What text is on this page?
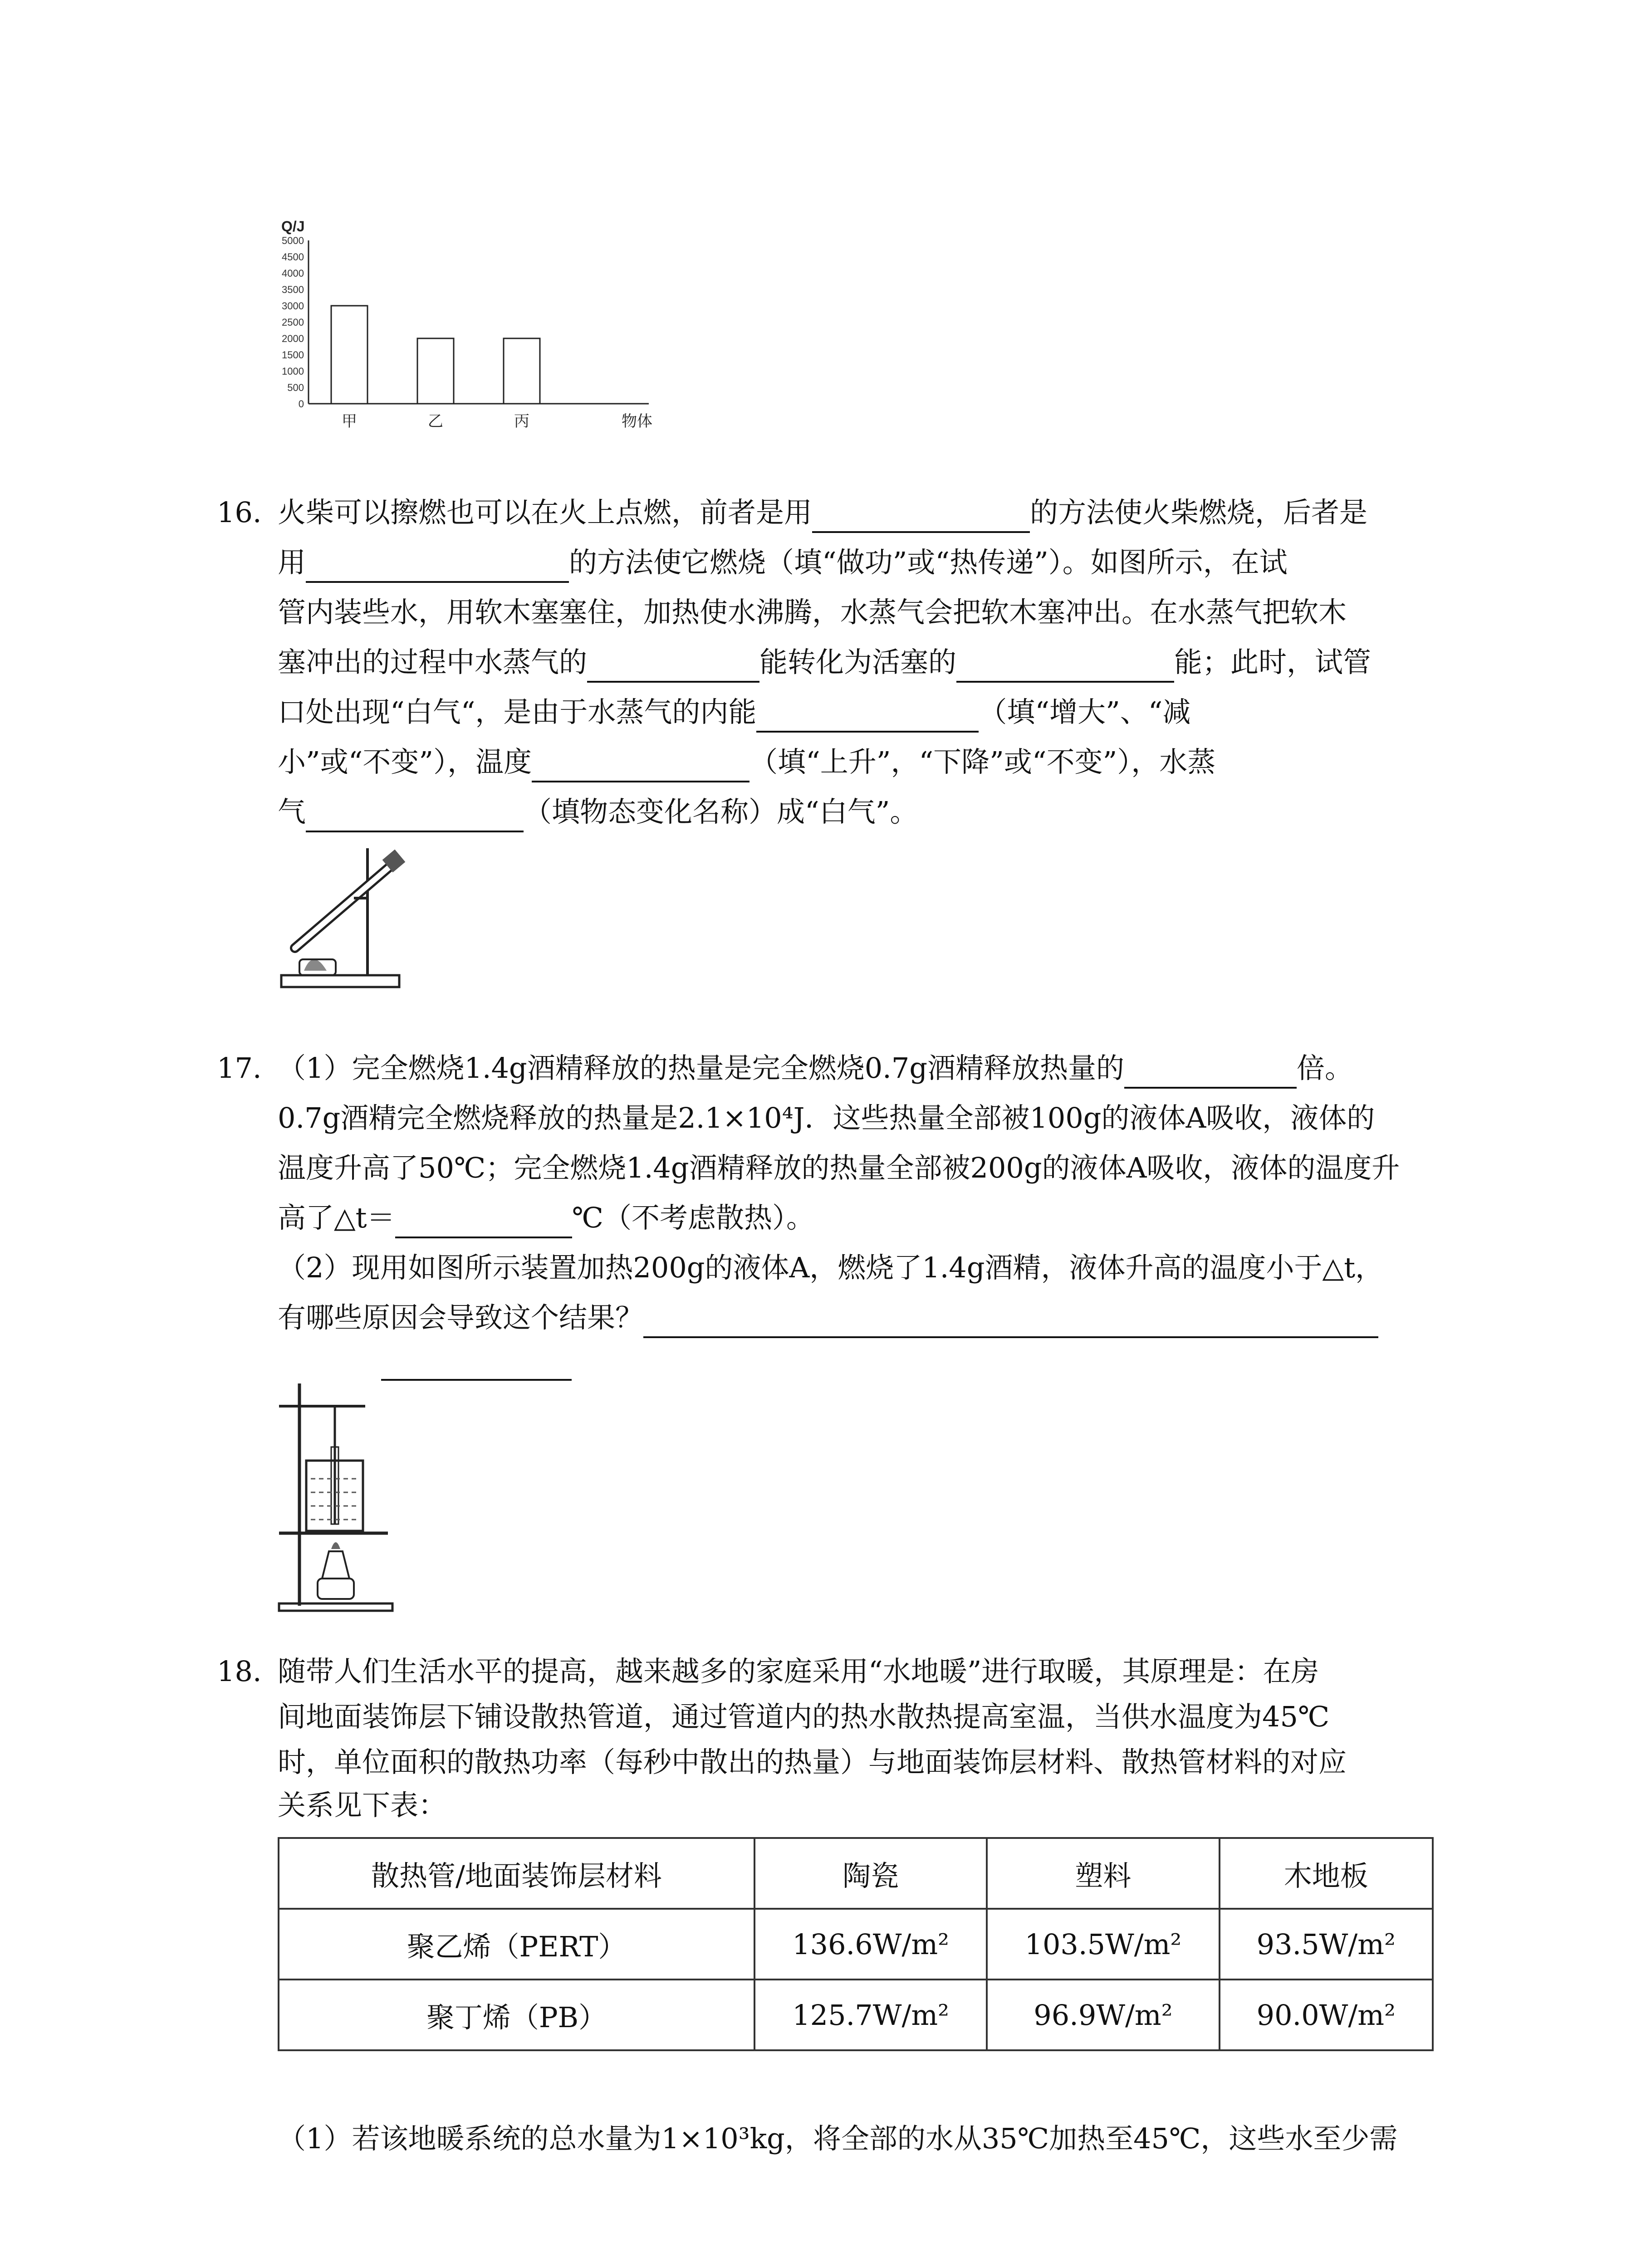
Q/J
0
500
1000
1500
2000
2500
3000
3500
4000
4500
5000
甲	乙	丙	物体
16. 火柴可以擦燃也可以在火上点燃，前者是用	的方法使火柴燃烧，后者是
用	的方法使它燃烧（填“做功”或“热传递”）。如图所示，在试
管内装些水，用软木塞塞住，加热使水沸腾，水蒸气会把软木塞冲出。在水蒸气把软木
塞冲出的过程中水蒸气的	能转化为活塞的	能；此时，试管
口处出现“白气“，是由于水蒸气的内能	（填“增大”、“减
小”或“不变”），温度	（填“上升”，“下降”或“不变”），水蒸
气	（填物态变化名称）成“白气”。
17. （1）完全燃烧1.4g酒精释放的热量是完全燃烧0.7g酒精释放热量的	倍。
0.7g酒精完全燃烧释放的热量是2.1×10⁴J．这些热量全部被100g的液体A吸收，液体的
温度升高了50℃；完全燃烧1.4g酒精释放的热量全部被200g的液体A吸收，液体的温度升
高了△t＝	℃（不考虑散热）。
（2）现用如图所示装置加热200g的液体A，燃烧了1.4g酒精，液体升高的温度小于△t，
有哪些原因会导致这个结果？
18. 随带人们生活水平的提高，越来越多的家庭采用“水地暖”进行取暖，其原理是：在房
间地面装饰层下铺设散热管道，通过管道内的热水散热提高室温，当供水温度为45℃
时，单位面积的散热功率（每秒中散出的热量）与地面装饰层材料、散热管材料的对应
关系见下表：
散热管/地面装饰层材料	陶瓷	塑料	木地板
聚乙烯（PERT）	136.6W/m²	103.5W/m²	93.5W/m²
聚丁烯（PB）	125.7W/m²	96.9W/m²	90.0W/m²
（1）若该地暖系统的总水量为1×10³kg，将全部的水从35℃加热至45℃，这些水至少需
